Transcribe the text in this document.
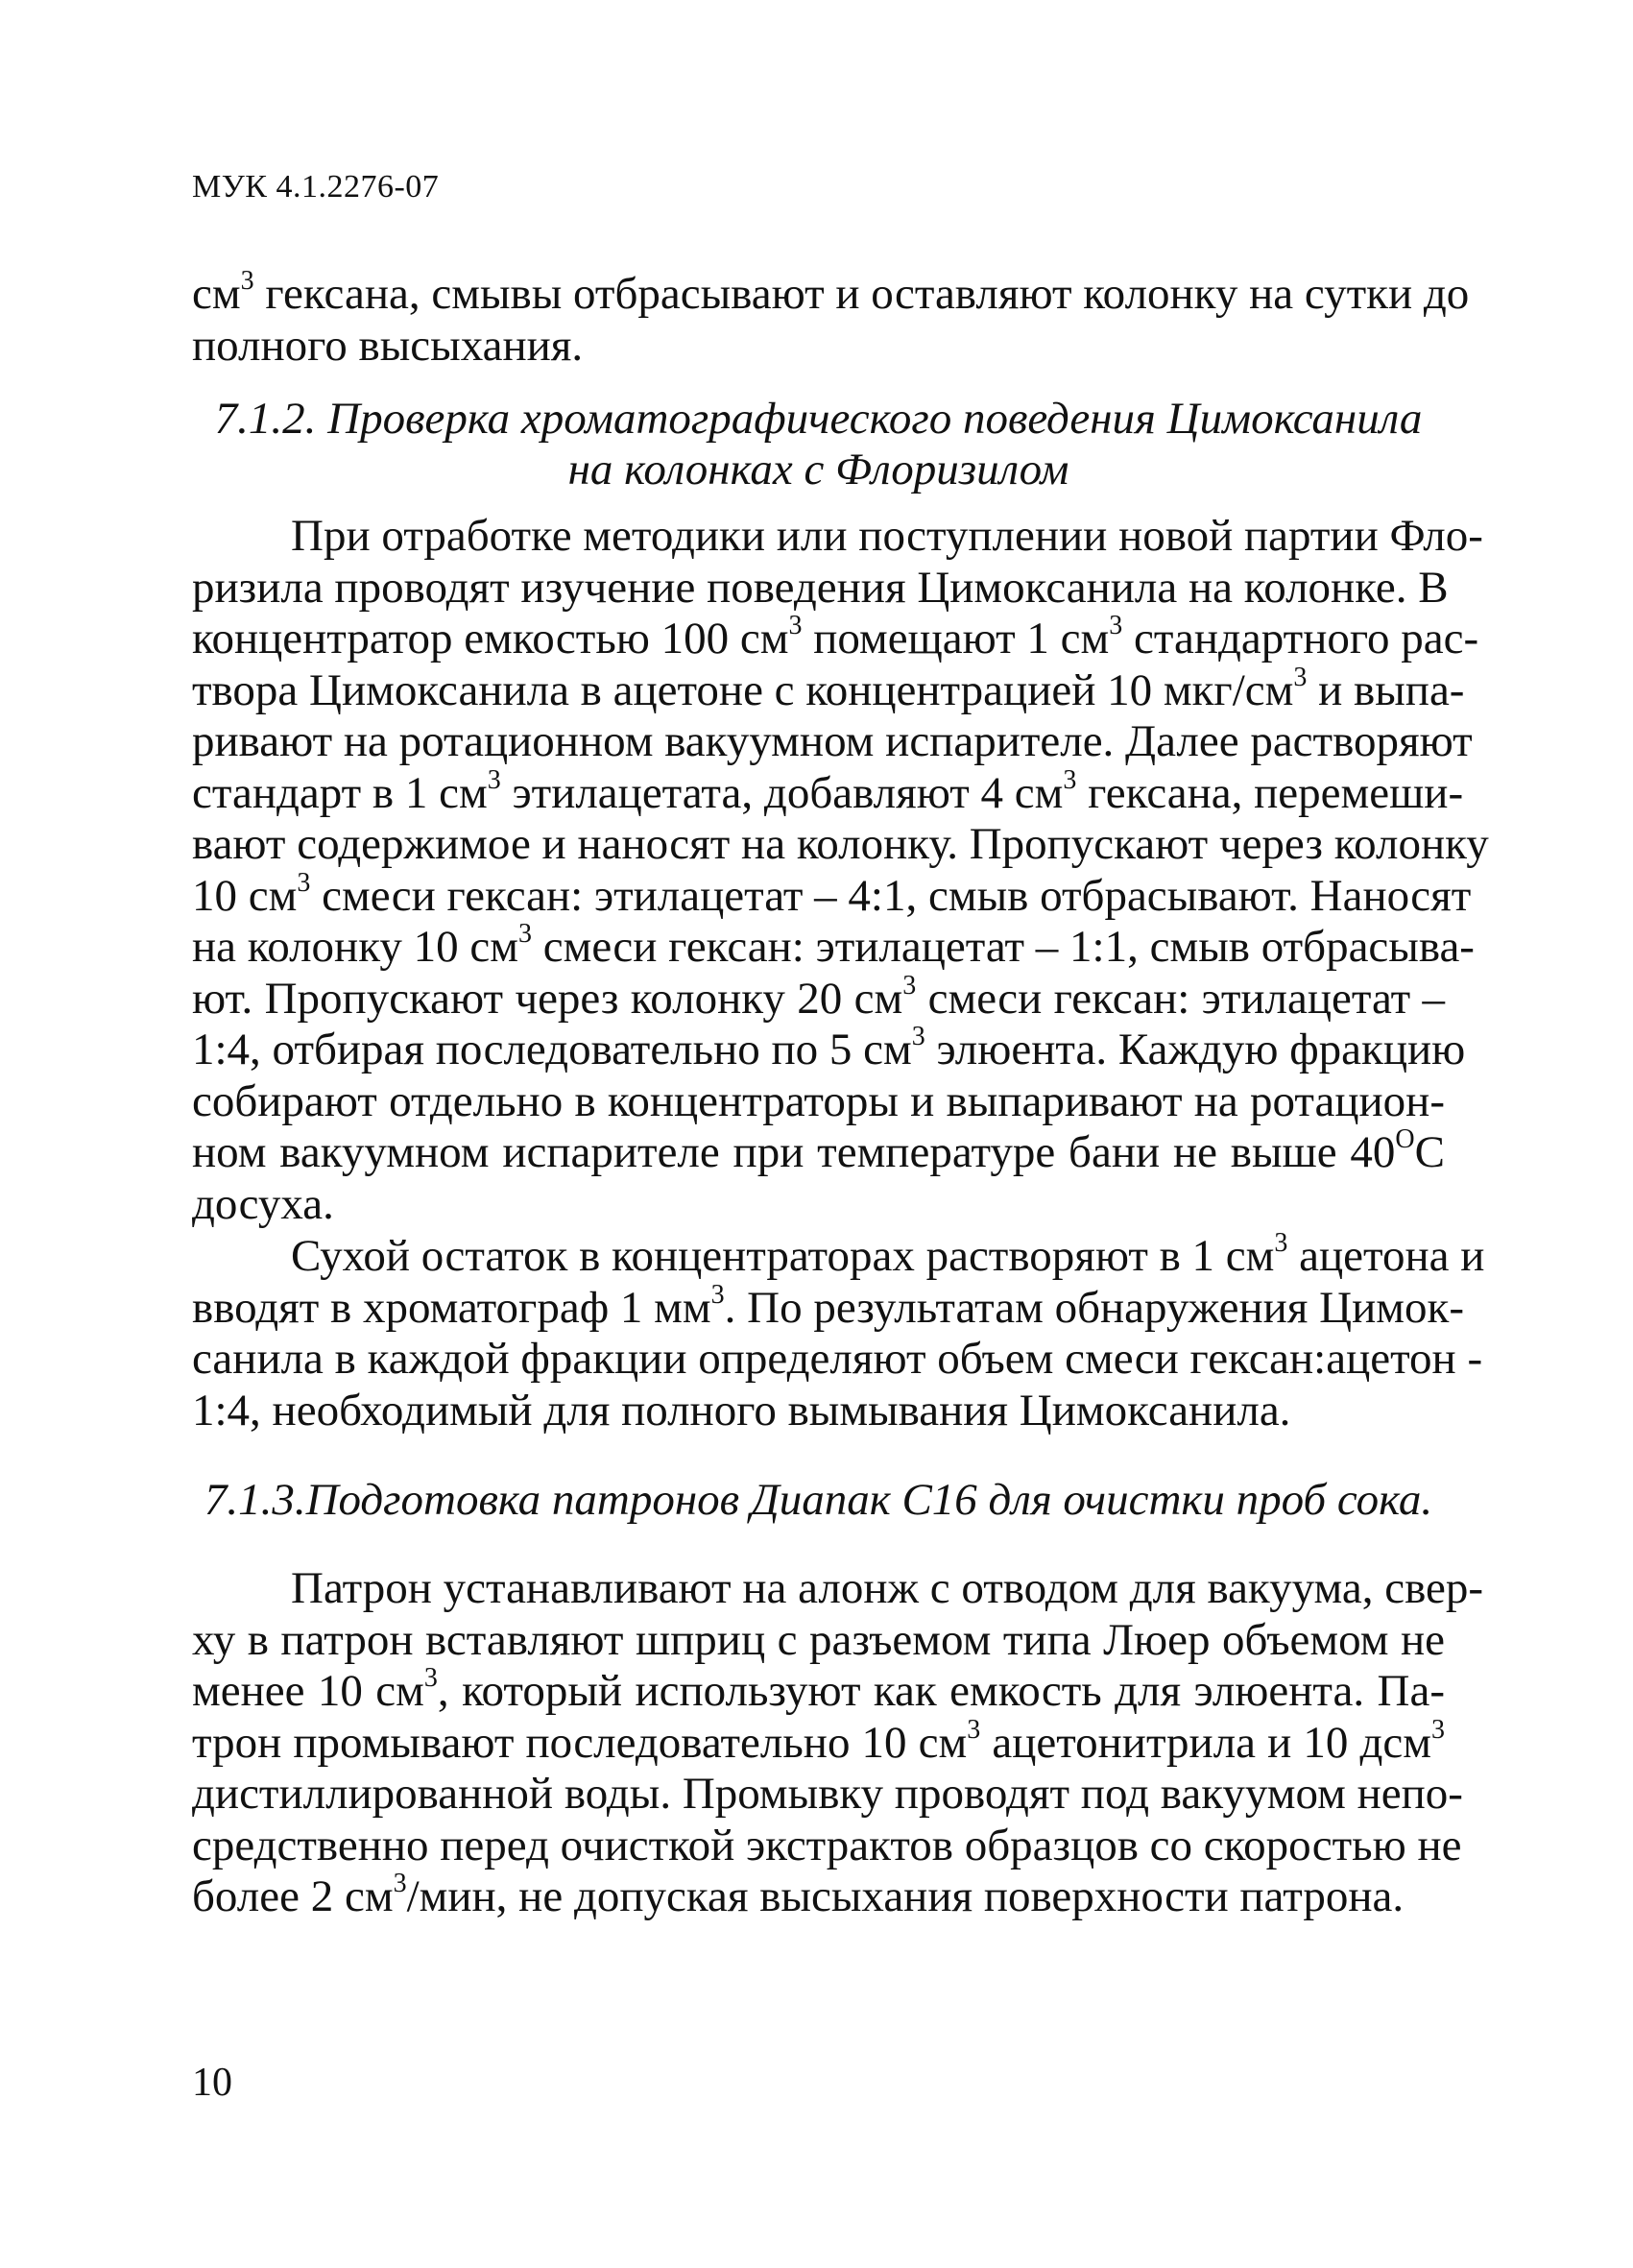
МУК 4.1.2276-07
$см^3$ гексана, смывы отбрасывают и оставляют колонку на сутки до
полного высыхания.
7.1.2. Проверка хроматографического поведения Цимоксанила
на колонках с Флоризилом
При отработке методики или поступлении новой партии Фло-
ризила проводят изучение поведения Цимоксанила на колонке. В
концентратор емкостью 100 $см^3$ помещают 1 $см^3$ стандартного рас-
твора Цимоксанила в ацетоне с концентрацией 10 мкг/$см^3$ и выпа-
ривают на ротационном вакуумном испарителе. Далее растворяют
стандарт в 1 $см^3$ этилацетата, добавляют 4 $см^3$ гексана, перемеши-
вают содержимое и наносят на колонку. Пропускают через колонку
10 $см^3$ смеси гексан: этилацетат – 4:1, смыв отбрасывают. Наносят
на колонку 10 $см^3$ смеси гексан: этилацетат – 1:1, смыв отбрасыва-
ют. Пропускают через колонку 20 $см^3$ смеси гексан: этилацетат –
1:4, отбирая последовательно по 5 $см^3$ элюента. Каждую фракцию
собирают отдельно в концентраторы и выпаривают на ротацион-
ном вакуумном испарителе при температуре бани не выше $40^OС$
досуха.
Сухой остаток в концентраторах растворяют в 1 $см^3$ ацетона и
вводят в хроматограф 1 $мм^3$. По результатам обнаружения Цимок-
санила в каждой фракции определяют объем смеси гексан:ацетон -
1:4, необходимый для полного вымывания Цимоксанила.
7.1.3.Подготовка патронов Диапак С16 для очистки проб сока.
Патрон устанавливают на алонж с отводом для вакуума, свер-
ху в патрон вставляют шприц с разъемом типа Люер объемом не
менее 10 $см^3$, который используют как емкость для элюента. Па-
трон промывают последовательно 10 $см^3$ ацетонитрила и 10 дсм$^3$
дистиллированной воды. Промывку проводят под вакуумом непо-
средственно перед очисткой экстрактов образцов со скоростью не
более 2 $см^3$/мин, не допуская высыхания поверхности патрона.
10
